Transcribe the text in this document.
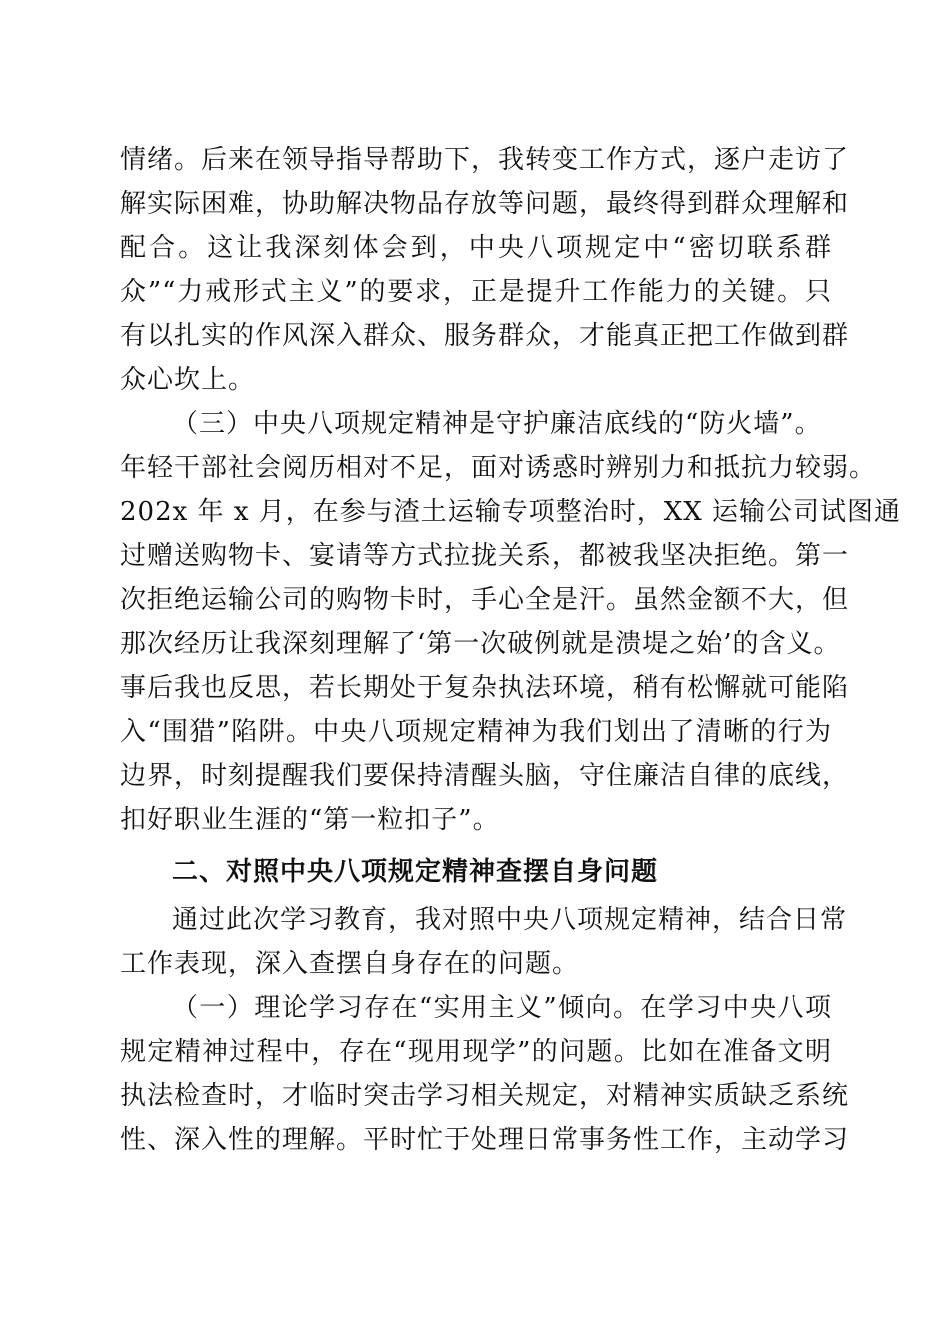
情绪。后来在领导指导帮助下，我转变工作方式，逐户走访了
解实际困难，协助解决物品存放等问题，最终得到群众理解和
配合。这让我深刻体会到，中央八项规定中“密切联系群
众”“力戒形式主义”的要求，正是提升工作能力的关键。只
有以扎实的作风深入群众、服务群众，才能真正把工作做到群
众心坎上。
（三）中央八项规定精神是守护廉洁底线的“防火墙”。
年轻干部社会阅历相对不足，面对诱惑时辨别力和抵抗力较弱。
202x 年 x 月，在参与渣土运输专项整治时，XX 运输公司试图通
过赠送购物卡、宴请等方式拉拢关系，都被我坚决拒绝。第一
次拒绝运输公司的购物卡时，手心全是汗。虽然金额不大，但
那次经历让我深刻理解了‘第一次破例就是溃堤之始’的含义。
事后我也反思，若长期处于复杂执法环境，稍有松懈就可能陷
入“围猎”陷阱。中央八项规定精神为我们划出了清晰的行为
边界，时刻提醒我们要保持清醒头脑，守住廉洁自律的底线，
扣好职业生涯的“第一粒扣子”。
二、对照中央八项规定精神查摆自身问题
通过此次学习教育，我对照中央八项规定精神，结合日常
工作表现，深入查摆自身存在的问题。
（一）理论学习存在“实用主义”倾向。在学习中央八项
规定精神过程中，存在“现用现学”的问题。比如在准备文明
执法检查时，才临时突击学习相关规定，对精神实质缺乏系统
性、深入性的理解。平时忙于处理日常事务性工作，主动学习
